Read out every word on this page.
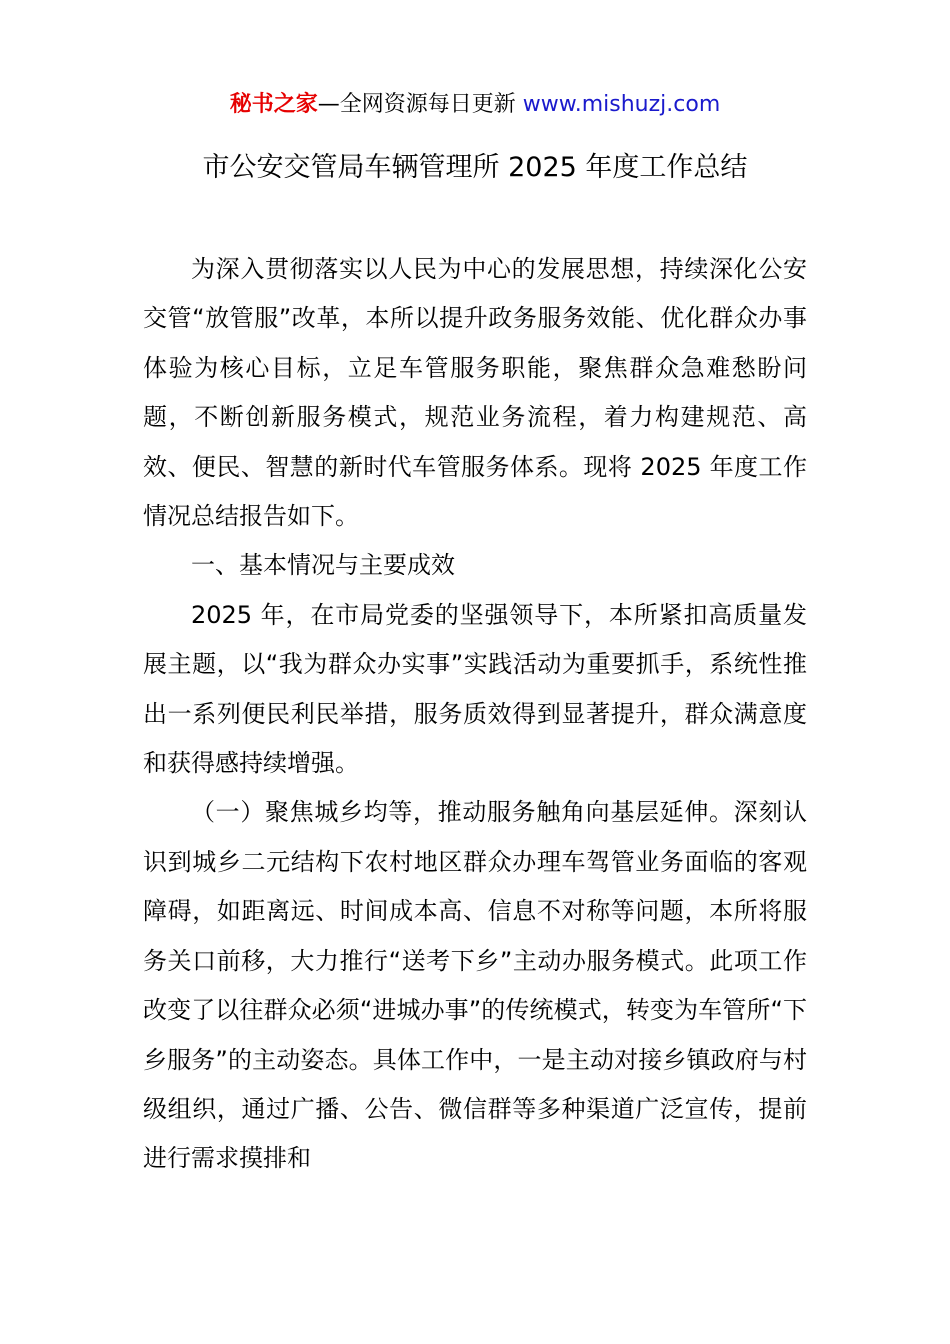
秘书之家—全网资源每日更新 www.mishuzj.com
市公安交管局车辆管理所 2025 年度工作总结

为深入贯彻落实以人民为中心的发展思想，持续深化公安交管“放管服”改革，本所以提升政务服务效能、优化群众办事体验为核心目标，立足车管服务职能，聚焦群众急难愁盼问题，不断创新服务模式，规范业务流程，着力构建规范、高效、便民、智慧的新时代车管服务体系。现将 2025 年度工作情况总结报告如下。

一、基本情况与主要成效

2025 年，在市局党委的坚强领导下，本所紧扣高质量发展主题，以“我为群众办实事”实践活动为重要抓手，系统性推出一系列便民利民举措，服务质效得到显著提升，群众满意度和获得感持续增强。

（一）聚焦城乡均等，推动服务触角向基层延伸。深刻认识到城乡二元结构下农村地区群众办理车驾管业务面临的客观障碍，如距离远、时间成本高、信息不对称等问题，本所将服务关口前移，大力推行“送考下乡”主动办服务模式。此项工作改变了以往群众必须“进城办事”的传统模式，转变为车管所“下乡服务”的主动姿态。具体工作中，一是主动对接乡镇政府与村级组织，通过广播、公告、微信群等多种渠道广泛宣传，提前进行需求摸排和
